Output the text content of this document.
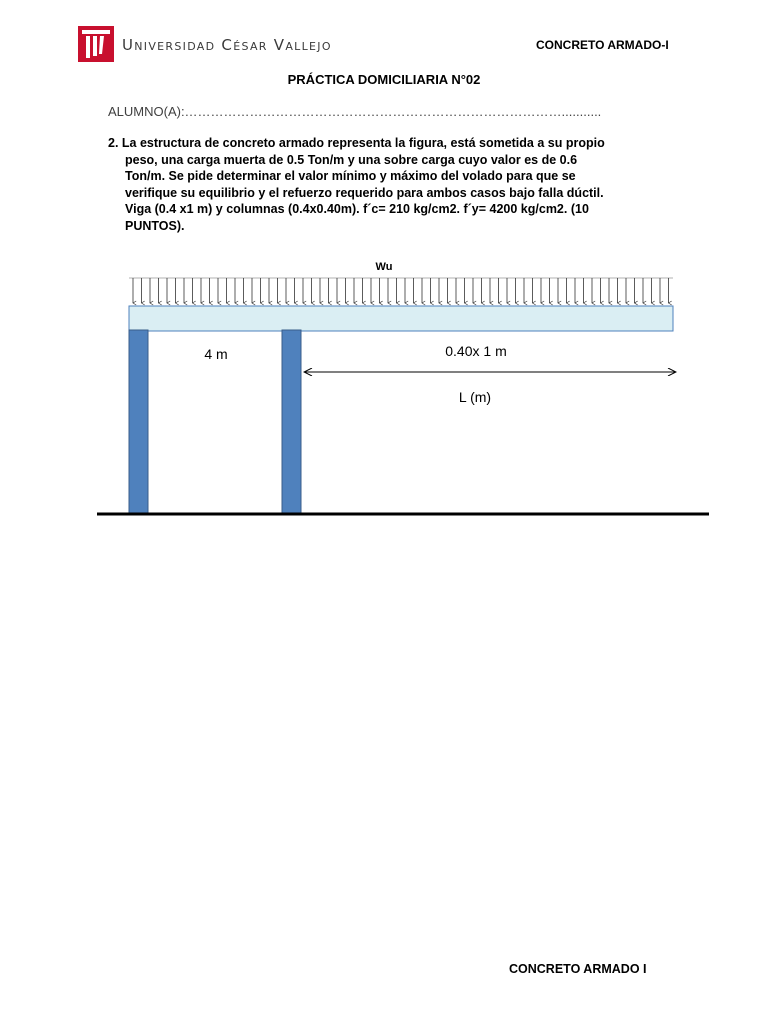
Universidad César Vallejo	CONCRETO ARMADO-I
PRÁCTICA DOMICILIARIA N°02
ALUMNO(A):……………………………………………………………………………...........
2. La estructura de concreto armado representa la figura, está sometida a su propio
peso, una carga muerta de 0.5 Ton/m y una sobre carga cuyo valor es de 0.6
Ton/m. Se pide determinar el valor mínimo y máximo del volado para que se
verifique su equilibrio y el refuerzo requerido para ambos casos bajo falla dúctil.
Viga (0.4 x1 m) y columnas (0.4x0.40m). f´c= 210 kg/cm2. f´y= 4200 kg/cm2. (10
PUNTOS).
Wu
4 m	0.40x 1 m
L (m)
CONCRETO ARMADO I
